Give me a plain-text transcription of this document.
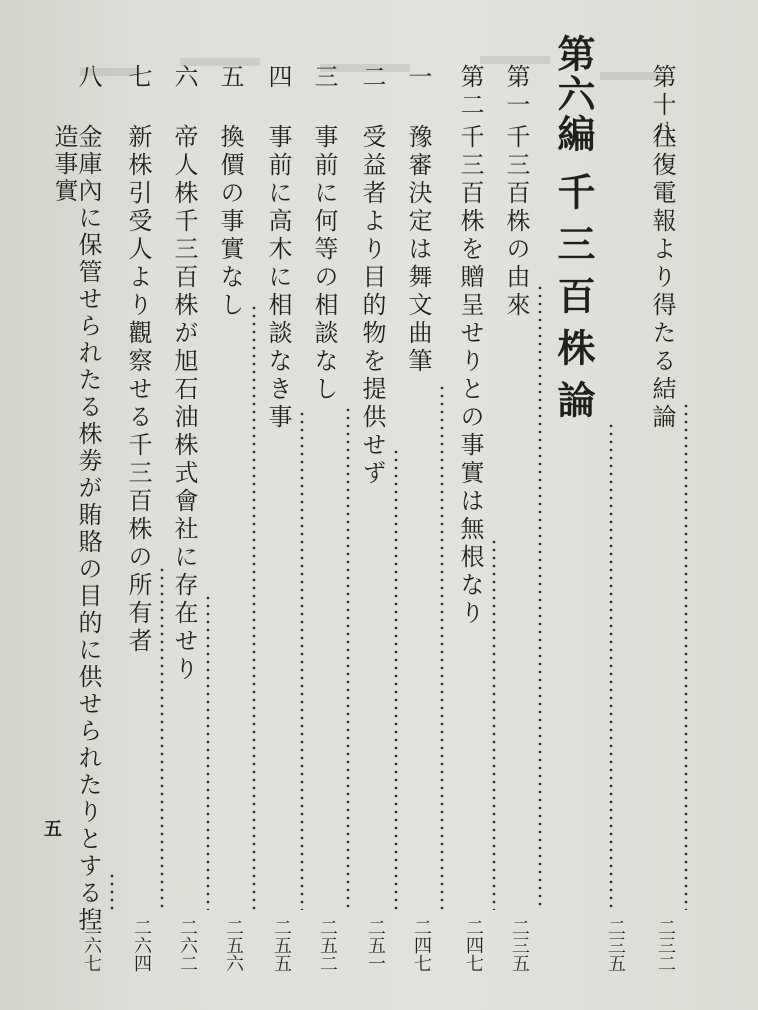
第十八
往復電報より得たる結論
二三二
第六編
千三百株論
二三五
第一
千三百株の由來
二三五
第二
千三百株を贈呈せりとの事實は無根なり
二四七
一
豫審決定は舞文曲筆
二四七
二
受益者より目的物を提供せず
二五一
三
事前に何等の相談なし
二五二
四
事前に高木に相談なき事
二五五
五
換價の事實なし
二五六
六
帝人株千三百株が旭石油株式會社に存在せり
二六二
七
新株引受人より觀察せる千三百株の所有者
二六四
八
金庫內に保管せられたる株劵が賄賂の目的に供せられたりとする揑造事實
二六七
五
